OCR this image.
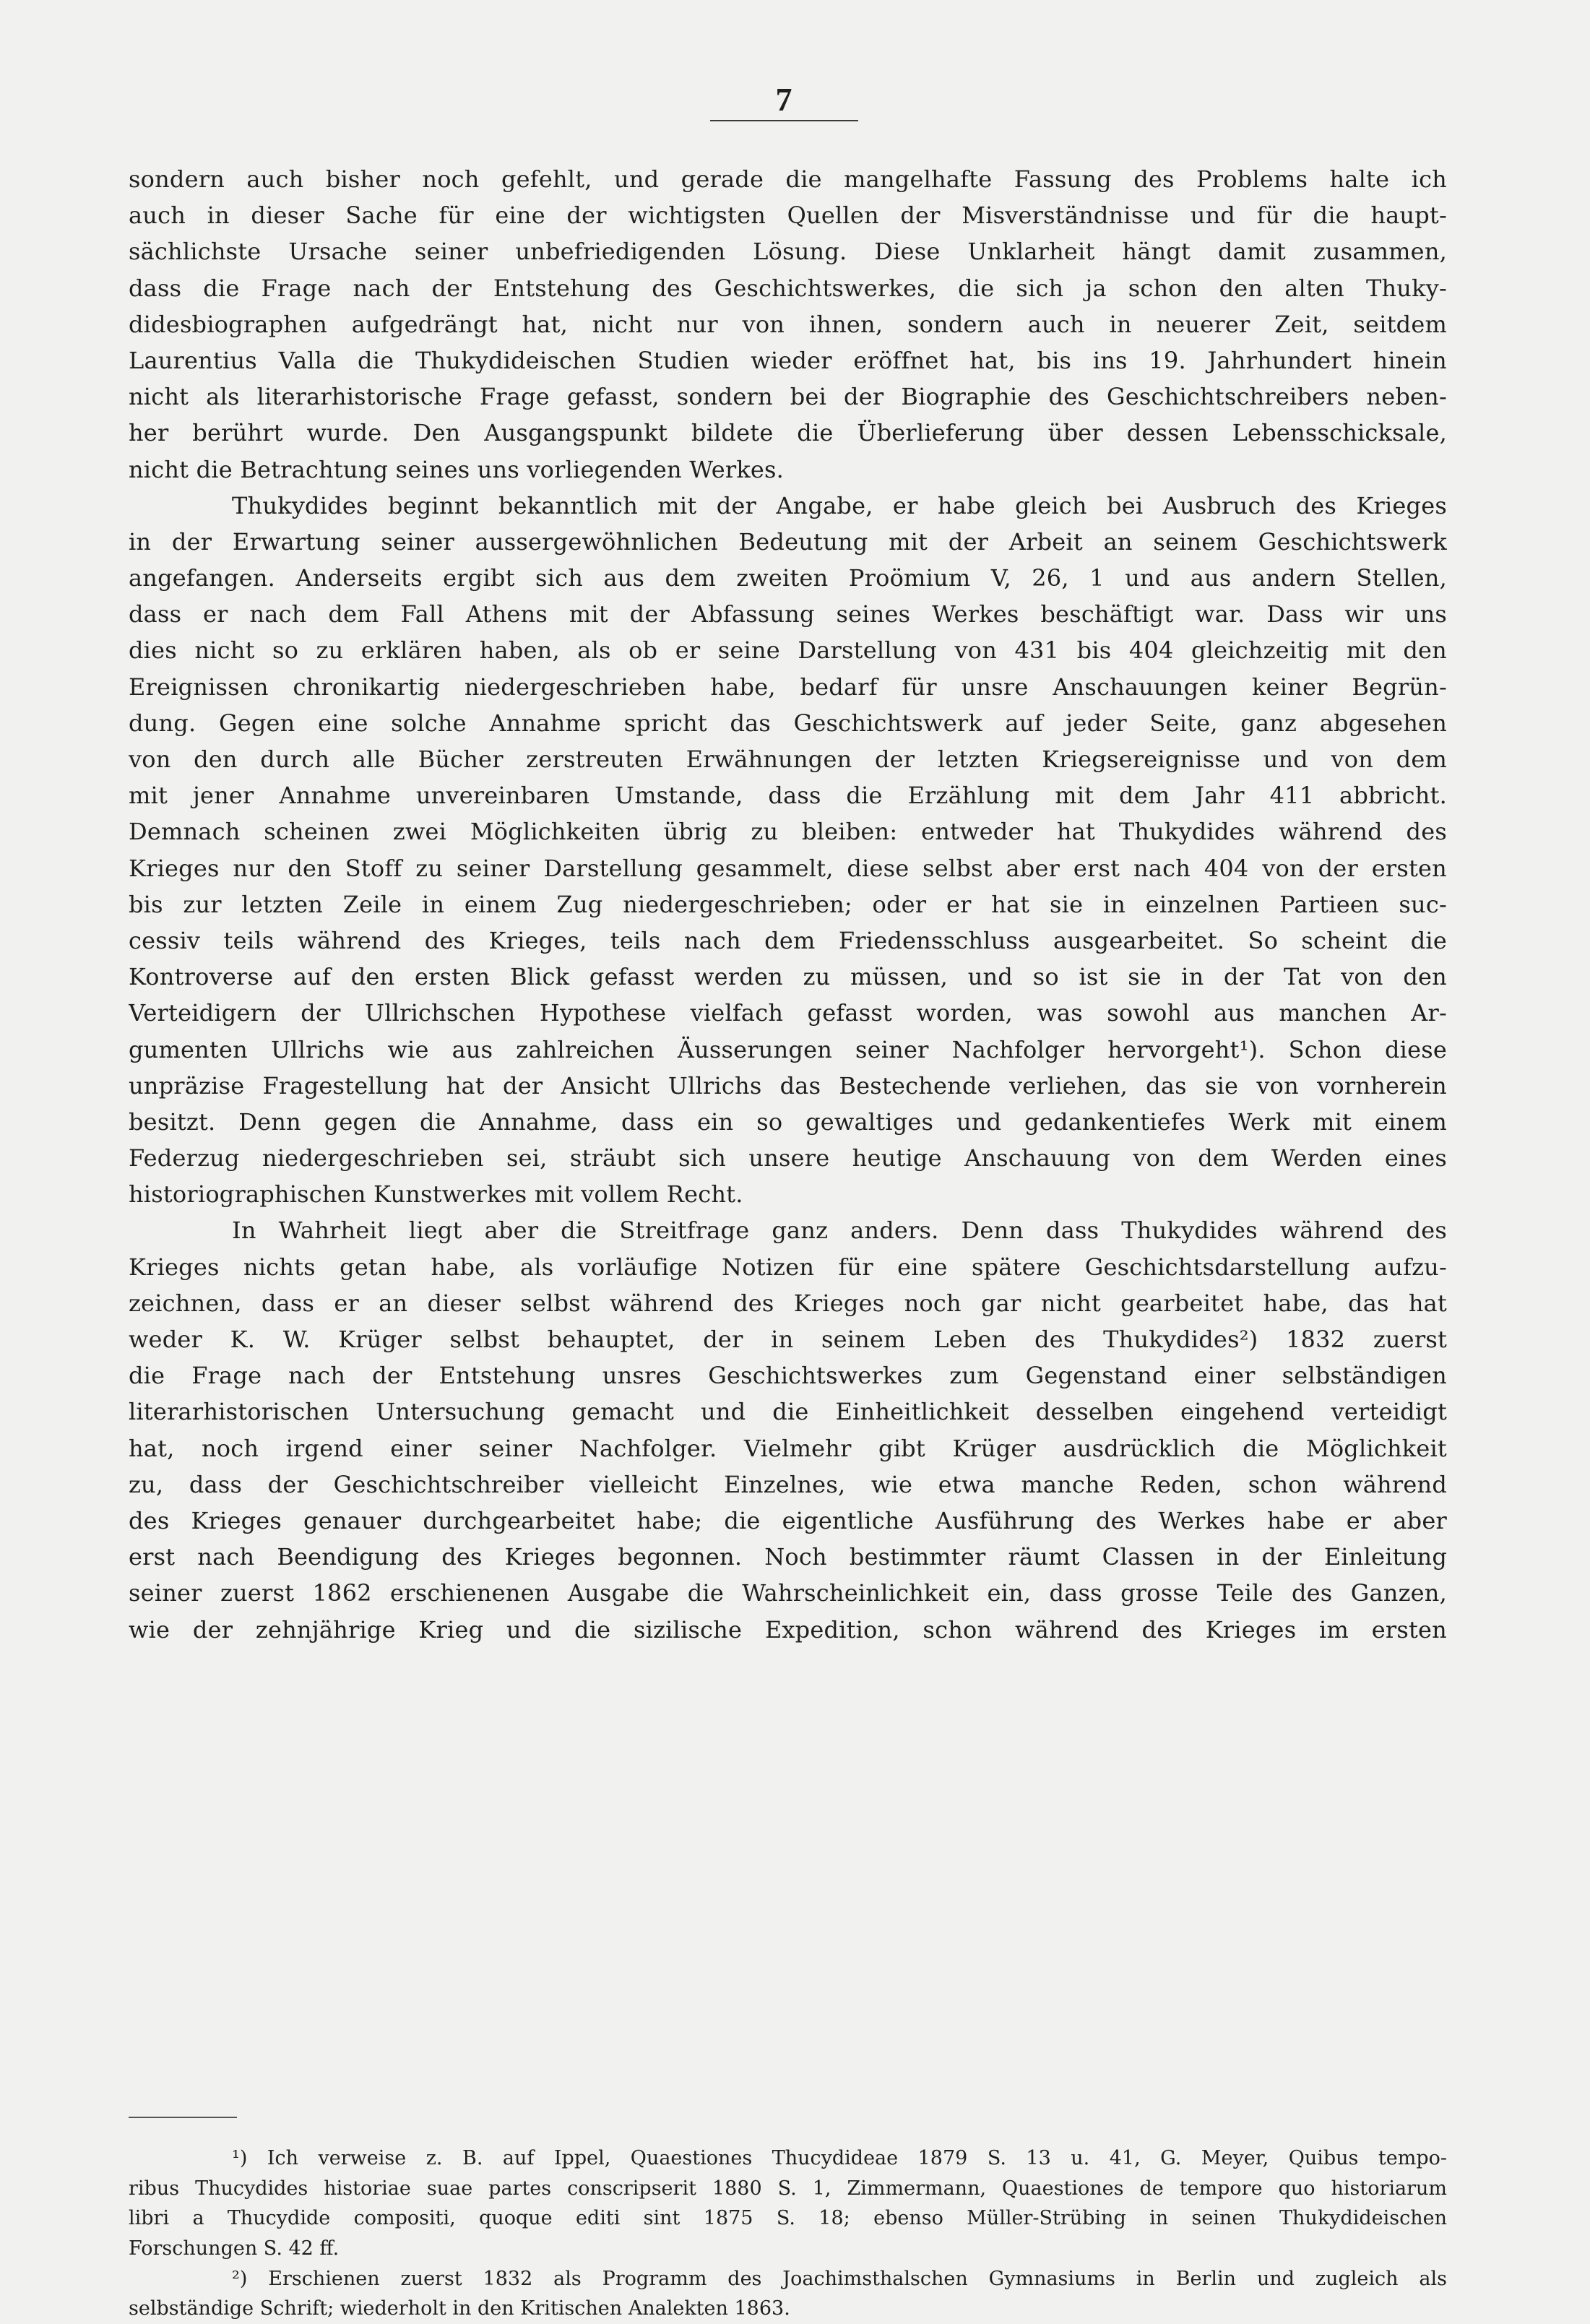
7
sondern auch bisher noch gefehlt, und gerade die mangelhafte Fassung des Problems halte ich
auch in dieser Sache für eine der wichtigsten Quellen der Misverständnisse und für die haupt-
sächlichste Ursache seiner unbefriedigenden Lösung. Diese Unklarheit hängt damit zusammen,
dass die Frage nach der Entstehung des Geschichtswerkes, die sich ja schon den alten Thuky-
didesbiographen aufgedrängt hat, nicht nur von ihnen, sondern auch in neuerer Zeit, seitdem
Laurentius Valla die Thukydideischen Studien wieder eröffnet hat, bis ins 19. Jahrhundert hinein
nicht als literarhistorische Frage gefasst, sondern bei der Biographie des Geschichtschreibers neben-
her berührt wurde. Den Ausgangspunkt bildete die Überlieferung über dessen Lebensschicksale,
nicht die Betrachtung seines uns vorliegenden Werkes.
Thukydides beginnt bekanntlich mit der Angabe, er habe gleich bei Ausbruch des Krieges
in der Erwartung seiner aussergewöhnlichen Bedeutung mit der Arbeit an seinem Geschichtswerk
angefangen. Anderseits ergibt sich aus dem zweiten Proömium V, 26, 1 und aus andern Stellen,
dass er nach dem Fall Athens mit der Abfassung seines Werkes beschäftigt war. Dass wir uns
dies nicht so zu erklären haben, als ob er seine Darstellung von 431 bis 404 gleichzeitig mit den
Ereignissen chronikartig niedergeschrieben habe, bedarf für unsre Anschauungen keiner Begrün-
dung. Gegen eine solche Annahme spricht das Geschichtswerk auf jeder Seite, ganz abgesehen
von den durch alle Bücher zerstreuten Erwähnungen der letzten Kriegsereignisse und von dem
mit jener Annahme unvereinbaren Umstande, dass die Erzählung mit dem Jahr 411 abbricht.
Demnach scheinen zwei Möglichkeiten übrig zu bleiben: entweder hat Thukydides während des
Krieges nur den Stoff zu seiner Darstellung gesammelt, diese selbst aber erst nach 404 von der ersten
bis zur letzten Zeile in einem Zug niedergeschrieben; oder er hat sie in einzelnen Partieen suc-
cessiv teils während des Krieges, teils nach dem Friedensschluss ausgearbeitet. So scheint die
Kontroverse auf den ersten Blick gefasst werden zu müssen, und so ist sie in der Tat von den
Verteidigern der Ullrichschen Hypothese vielfach gefasst worden, was sowohl aus manchen Ar-
gumenten Ullrichs wie aus zahlreichen Äusserungen seiner Nachfolger hervorgeht¹). Schon diese
unpräzise Fragestellung hat der Ansicht Ullrichs das Bestechende verliehen, das sie von vornherein
besitzt. Denn gegen die Annahme, dass ein so gewaltiges und gedankentiefes Werk mit einem
Federzug niedergeschrieben sei, sträubt sich unsere heutige Anschauung von dem Werden eines
historiographischen Kunstwerkes mit vollem Recht.
In Wahrheit liegt aber die Streitfrage ganz anders. Denn dass Thukydides während des
Krieges nichts getan habe, als vorläufige Notizen für eine spätere Geschichtsdarstellung aufzu-
zeichnen, dass er an dieser selbst während des Krieges noch gar nicht gearbeitet habe, das hat
weder K. W. Krüger selbst behauptet, der in seinem Leben des Thukydides²) 1832 zuerst
die Frage nach der Entstehung unsres Geschichtswerkes zum Gegenstand einer selbständigen
literarhistorischen Untersuchung gemacht und die Einheitlichkeit desselben eingehend verteidigt
hat, noch irgend einer seiner Nachfolger. Vielmehr gibt Krüger ausdrücklich die Möglichkeit
zu, dass der Geschichtschreiber vielleicht Einzelnes, wie etwa manche Reden, schon während
des Krieges genauer durchgearbeitet habe; die eigentliche Ausführung des Werkes habe er aber
erst nach Beendigung des Krieges begonnen. Noch bestimmter räumt Classen in der Einleitung
seiner zuerst 1862 erschienenen Ausgabe die Wahrscheinlichkeit ein, dass grosse Teile des Ganzen,
wie der zehnjährige Krieg und die sizilische Expedition, schon während des Krieges im ersten
¹) Ich verweise z. B. auf Ippel, Quaestiones Thucydideae 1879 S. 13 u. 41, G. Meyer, Quibus tempo-
ribus Thucydides historiae suae partes conscripserit 1880 S. 1, Zimmermann, Quaestiones de tempore quo historiarum
libri a Thucydide compositi, quoque editi sint 1875 S. 18; ebenso Müller-Strübing in seinen Thukydideischen
Forschungen S. 42 ff.
²) Erschienen zuerst 1832 als Programm des Joachimsthalschen Gymnasiums in Berlin und zugleich als
selbständige Schrift; wiederholt in den Kritischen Analekten 1863.
